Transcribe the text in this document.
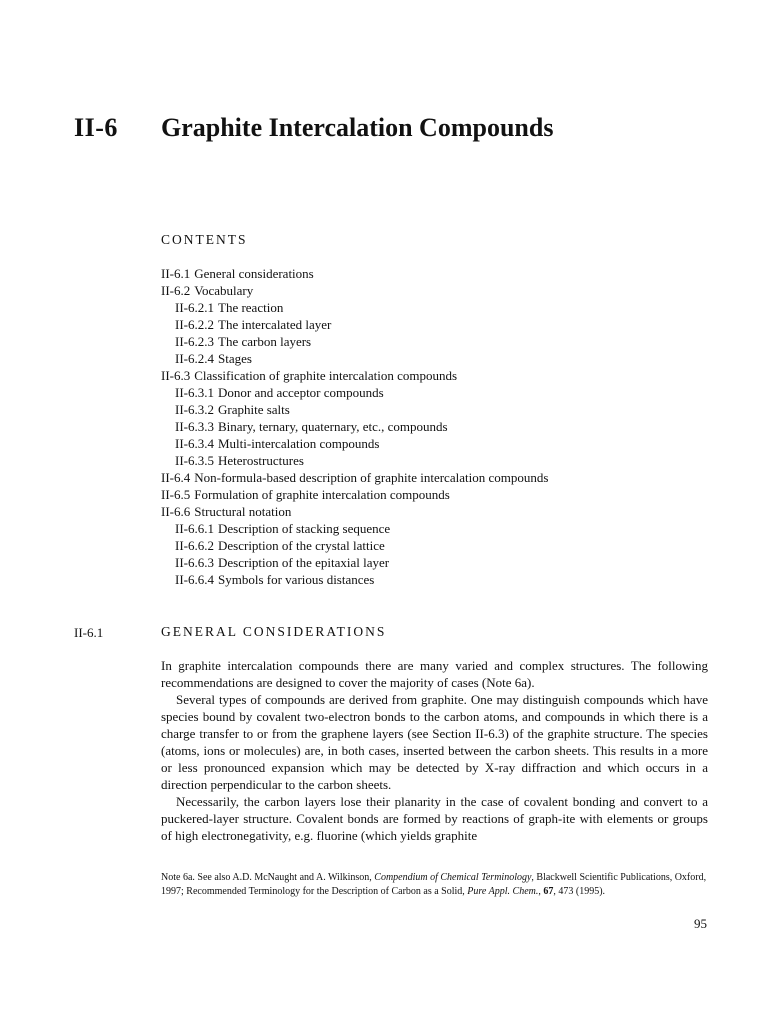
II-6 Graphite Intercalation Compounds
CONTENTS
II-6.1 General considerations
II-6.2 Vocabulary
II-6.2.1 The reaction
II-6.2.2 The intercalated layer
II-6.2.3 The carbon layers
II-6.2.4 Stages
II-6.3 Classification of graphite intercalation compounds
II-6.3.1 Donor and acceptor compounds
II-6.3.2 Graphite salts
II-6.3.3 Binary, ternary, quaternary, etc., compounds
II-6.3.4 Multi-intercalation compounds
II-6.3.5 Heterostructures
II-6.4 Non-formula-based description of graphite intercalation compounds
II-6.5 Formulation of graphite intercalation compounds
II-6.6 Structural notation
II-6.6.1 Description of stacking sequence
II-6.6.2 Description of the crystal lattice
II-6.6.3 Description of the epitaxial layer
II-6.6.4 Symbols for various distances
II-6.1	GENERAL CONSIDERATIONS

In graphite intercalation compounds there are many varied and complex structures. The following recommendations are designed to cover the majority of cases (Note 6a).

Several types of compounds are derived from graphite. One may distinguish compounds which have species bound by covalent two-electron bonds to the carbon atoms, and compounds in which there is a charge transfer to or from the graphene layers (see Section II-6.3) of the graphite structure. The species (atoms, ions or molecules) are, in both cases, inserted between the carbon sheets. This results in a more or less pronounced expansion which may be detected by X-ray diffraction and which occurs in a direction perpendicular to the carbon sheets.

Necessarily, the carbon layers lose their planarity in the case of covalent bonding and convert to a puckered-layer structure. Covalent bonds are formed by reactions of graph-ite with elements or groups of high electronegativity, e.g. fluorine (which yields graphite

Note 6a. See also A.D. McNaught and A. Wilkinson, Compendium of Chemical Terminology, Blackwell Scientific Publications, Oxford, 1997; Recommended Terminology for the Description of Carbon as a Solid, Pure Appl. Chem., 67, 473 (1995).
95
